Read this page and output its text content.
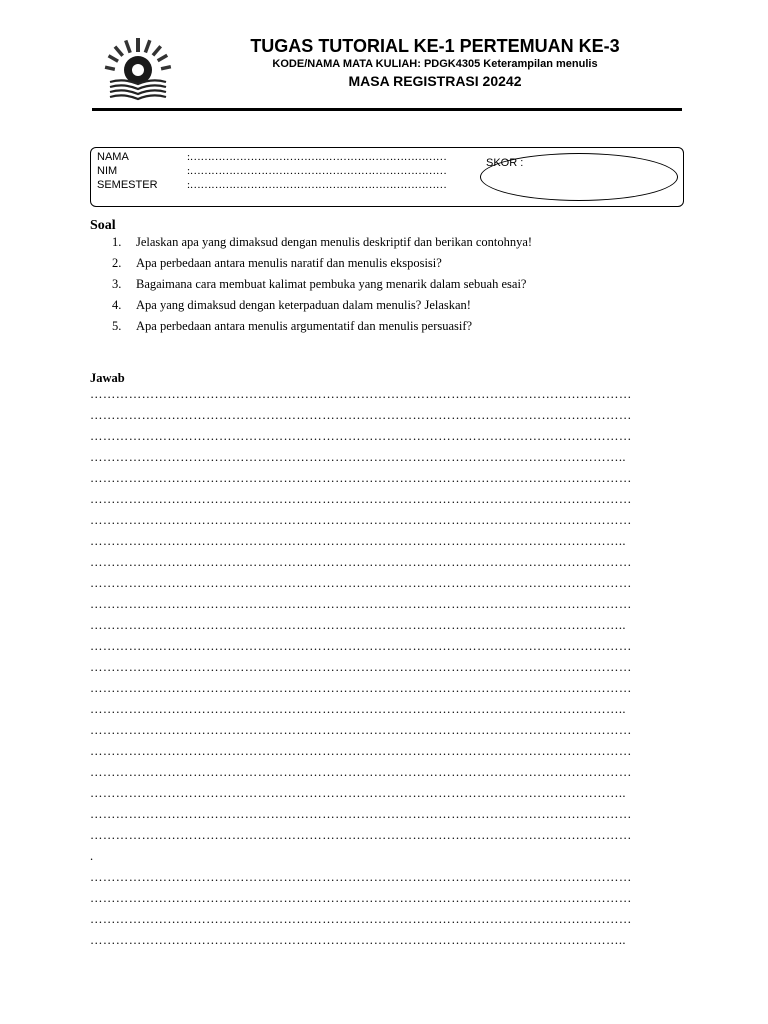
TUGAS TUTORIAL KE-1 PERTEMUAN KE-3
KODE/NAMA MATA KULIAH: PDGK4305 Keterampilan menulis
MASA REGISTRASI 20242
NAMA
NIM
SEMESTER
:………………………………………………………………
:………………………………………………………………
:………………………………………………………………
SKOR :
Soal
1. Jelaskan apa yang dimaksud dengan menulis deskriptif dan berikan contohnya!
2. Apa perbedaan antara menulis naratif dan menulis eksposisi?
3. Bagaimana cara membuat kalimat pembuka yang menarik dalam sebuah esai?
4. Apa yang dimaksud dengan keterpaduan dalam menulis? Jelaskan!
5. Apa perbedaan antara menulis argumentatif dan menulis persuasif?
Jawab
………………………………………………………………………………………………………………
………………………………………………………………………………………………………………
………………………………………………………………………………………………………………
……………………………………………………………………………………………………………..
………………………………………………………………………………………………………………
………………………………………………………………………………………………………………
………………………………………………………………………………………………………………
……………………………………………………………………………………………………………..
………………………………………………………………………………………………………………
………………………………………………………………………………………………………………
………………………………………………………………………………………………………………
……………………………………………………………………………………………………………..
………………………………………………………………………………………………………………
………………………………………………………………………………………………………………
………………………………………………………………………………………………………………
……………………………………………………………………………………………………………..
………………………………………………………………………………………………………………
………………………………………………………………………………………………………………
………………………………………………………………………………………………………………
……………………………………………………………………………………………………………..
………………………………………………………………………………………………………………
………………………………………………………………………………………………………………
.
………………………………………………………………………………………………………………
………………………………………………………………………………………………………………
………………………………………………………………………………………………………………
……………………………………………………………………………………………………………..
